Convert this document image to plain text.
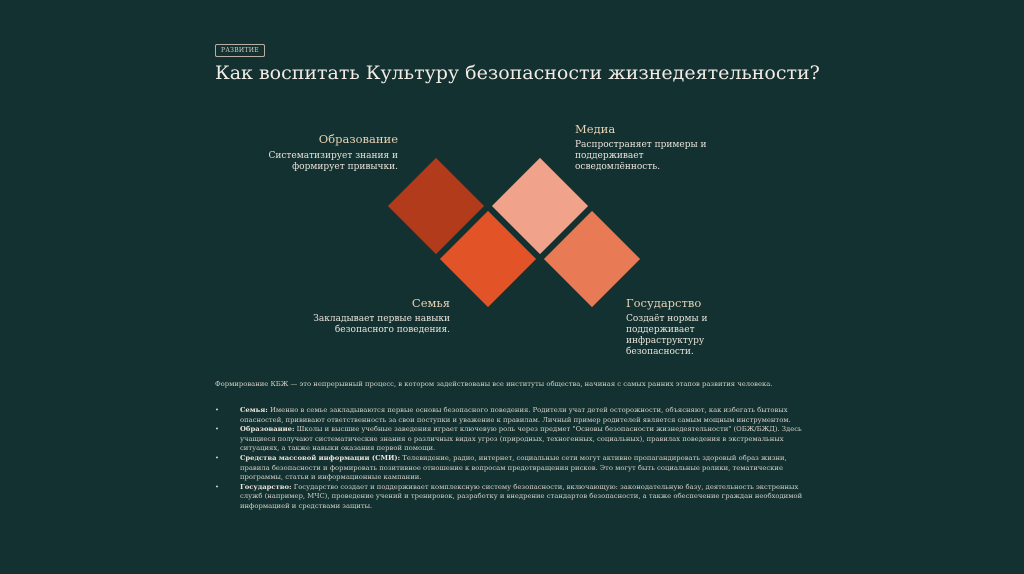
РАЗВИТИЕ
Как воспитать Культуру безопасности жизнедеятельности?
Образование

Систематизирует знания и
формирует привычки.

Медиа

Распространяет примеры и
поддерживает
осведомлённость.

Семья

Закладывает первые навыки
безопасного поведения.

Государство

Создаёт нормы и
поддерживает
инфраструктуру
безопасности.

Формирование КБЖ — это непрерывный процесс, в котором задействованы все институты общества, начиная с самых ранних этапов развития человека.

•	Семья: Именно в семье закладываются первые основы безопасного поведения. Родители учат детей осторожности, объясняют, как избегать бытовых опасностей, прививают ответственность за свои поступки и уважение к правилам. Личный пример родителей является самым мощным инструментом.
•	Образование: Школы и высшие учебные заведения играет ключевую роль через предмет "Основы безопасности жизнедеятельности" (ОБЖ/БЖД). Здесь учащиеся получают систематические знания о различных видах угроз (природных, техногенных, социальных), правилах поведения в экстремальных ситуациях, а также навыки оказания первой помощи.
•	Средства массовой информации (СМИ): Телевидение, радио, интернет, социальные сети могут активно пропагандировать здоровый образ жизни, правила безопасности и формировать позитивное отношение к вопросам предотвращения рисков. Это могут быть социальные ролики, тематические программы, статьи и информационные кампании.
•	Государство: Государство создает и поддерживает комплексную систему безопасности, включающую: законодательную базу, деятельность экстренных служб (например, МЧС), проведение учений и тренировок, разработку и внедрение стандартов безопасности, а также обеспечение граждан необходимой информацией и средствами защиты.
